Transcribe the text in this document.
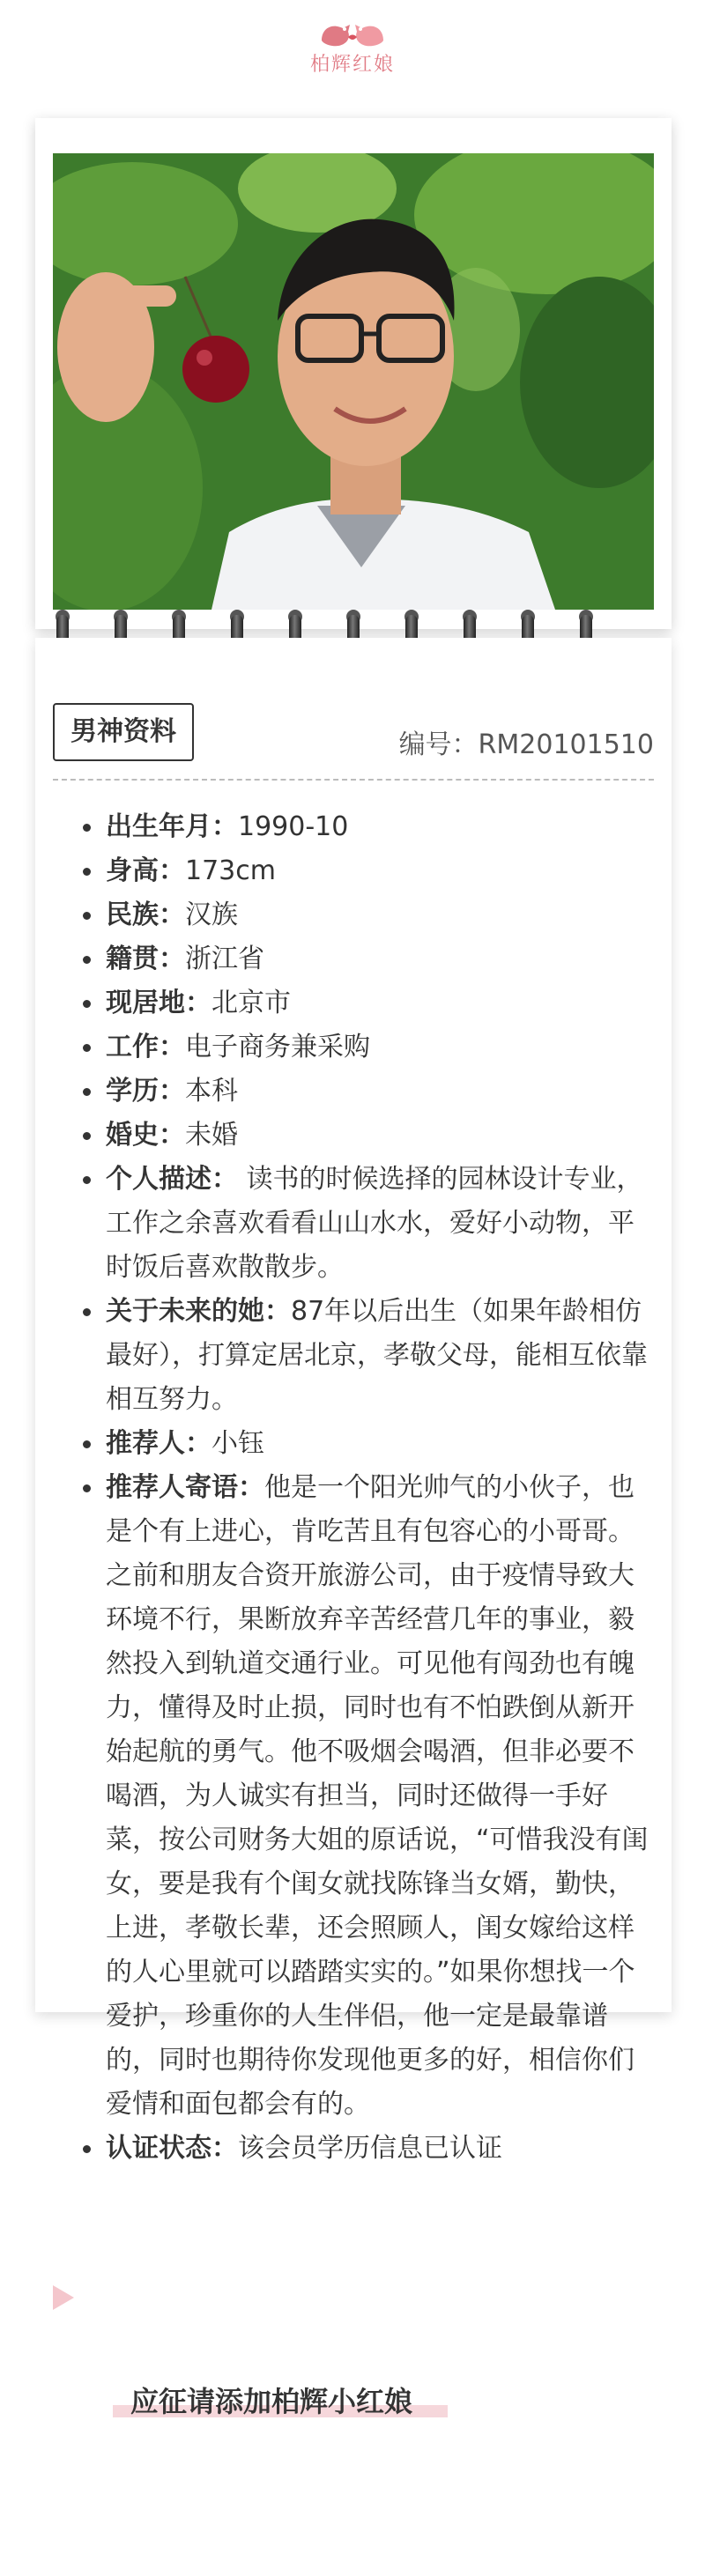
柏辉红娘
男神资料	编号：RM20101510
出生年月：1990-10
身高：173cm
民族：汉族
籍贯：浙江省
现居地：北京市
工作：电子商务兼采购
学历：本科
婚史：未婚
个人描述： 读书的时候选择的园林设计专业，工作之余喜欢看看山山水水，爱好小动物，平时饭后喜欢散散步。
关于未来的她：87年以后出生（如果年龄相仿最好），打算定居北京，孝敬父母，能相互依靠相互努力。
推荐人：小钰
推荐人寄语：他是一个阳光帅气的小伙子，也是个有上进心，肯吃苦且有包容心的小哥哥。之前和朋友合资开旅游公司，由于疫情导致大环境不行，果断放弃辛苦经营几年的事业，毅然投入到轨道交通行业。可见他有闯劲也有魄力，懂得及时止损，同时也有不怕跌倒从新开始起航的勇气。他不吸烟会喝酒，但非必要不喝酒，为人诚实有担当，同时还做得一手好菜，按公司财务大姐的原话说，“可惜我没有闺女，要是我有个闺女就找陈锋当女婿，勤快，上进，孝敬长辈，还会照顾人，闺女嫁给这样的人心里就可以踏踏实实的。”如果你想找一个爱护，珍重你的人生伴侣，他一定是最靠谱的，同时也期待你发现他更多的好，相信你们爱情和面包都会有的。
认证状态：该会员学历信息已认证
应征请添加柏辉小红娘
